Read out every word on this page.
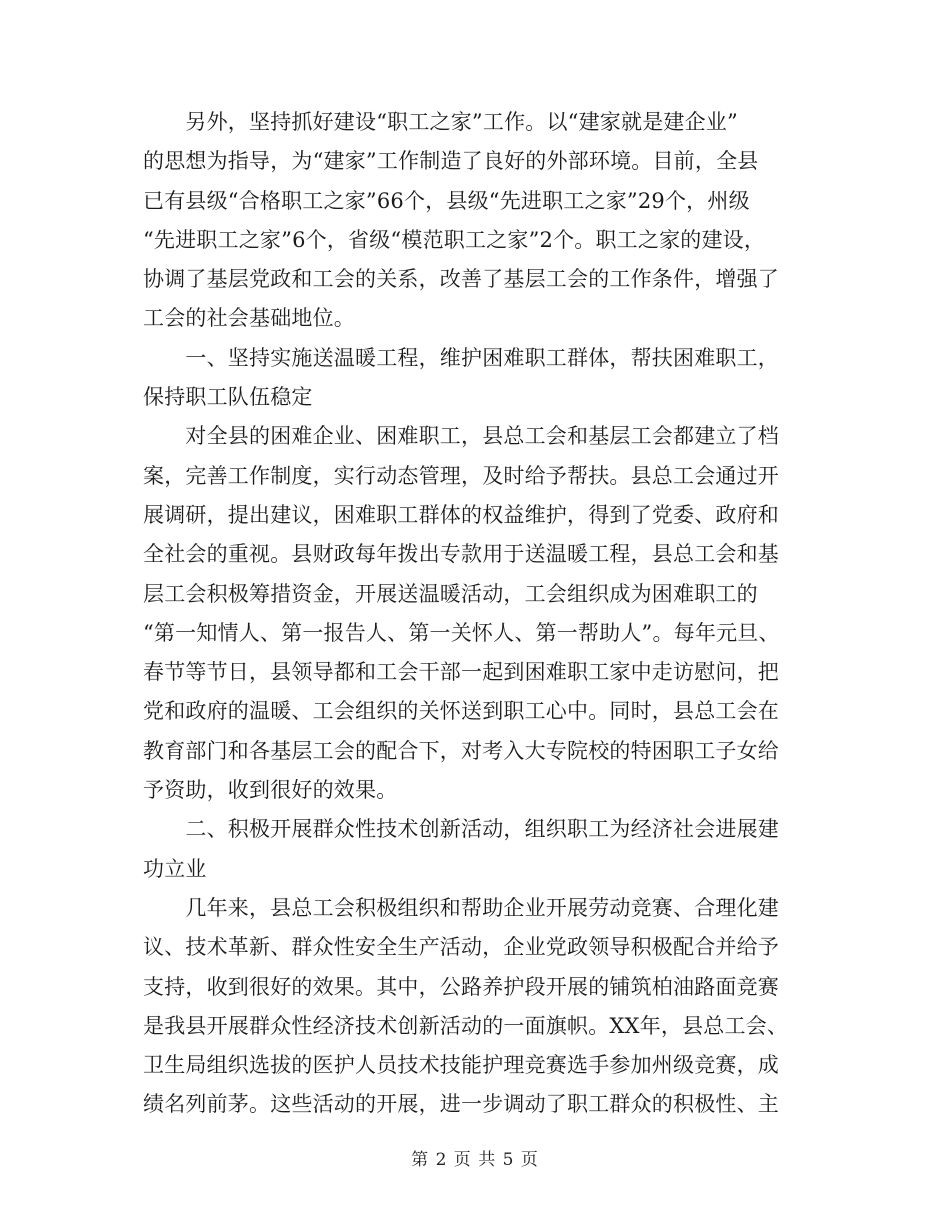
　　另外，坚持抓好建设“职工之家”工作。以“建家就是建企业”
的思想为指导，为“建家”工作制造了良好的外部环境。目前，全县
已有县级“合格职工之家”66个，县级“先进职工之家”29个，州级
“先进职工之家”6个，省级“模范职工之家”2个。职工之家的建设，
协调了基层党政和工会的关系，改善了基层工会的工作条件，增强了
工会的社会基础地位。
　　一、坚持实施送温暖工程，维护困难职工群体，帮扶困难职工，
保持职工队伍稳定
　　对全县的困难企业、困难职工，县总工会和基层工会都建立了档
案，完善工作制度，实行动态管理，及时给予帮扶。县总工会通过开
展调研，提出建议，困难职工群体的权益维护，得到了党委、政府和
全社会的重视。县财政每年拨出专款用于送温暖工程，县总工会和基
层工会积极筹措资金，开展送温暖活动，工会组织成为困难职工的
“第一知情人、第一报告人、第一关怀人、第一帮助人”。每年元旦、
春节等节日，县领导都和工会干部一起到困难职工家中走访慰问，把
党和政府的温暖、工会组织的关怀送到职工心中。同时，县总工会在
教育部门和各基层工会的配合下，对考入大专院校的特困职工子女给
予资助，收到很好的效果。
　　二、积极开展群众性技术创新活动，组织职工为经济社会进展建
功立业
　　几年来，县总工会积极组织和帮助企业开展劳动竞赛、合理化建
议、技术革新、群众性安全生产活动，企业党政领导积极配合并给予
支持，收到很好的效果。其中，公路养护段开展的铺筑柏油路面竞赛
是我县开展群众性经济技术创新活动的一面旗帜。XX年，县总工会、
卫生局组织选拔的医护人员技术技能护理竞赛选手参加州级竞赛，成
绩名列前茅。这些活动的开展，进一步调动了职工群众的积极性、主
第 2 页 共 5 页
